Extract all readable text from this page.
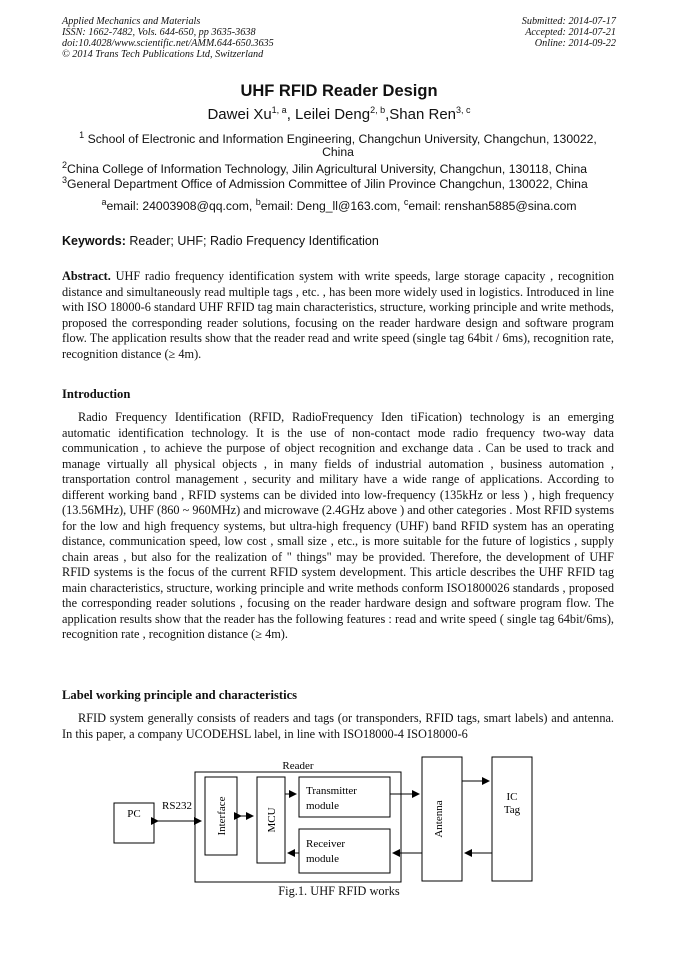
Applied Mechanics and Materials
ISSN: 1662-7482, Vols. 644-650, pp 3635-3638
doi:10.4028/www.scientific.net/AMM.644-650.3635
© 2014 Trans Tech Publications Ltd, Switzerland
Submitted: 2014-07-17
Accepted: 2014-07-21
Online: 2014-09-22
UHF RFID Reader Design
Dawei Xu$^{1, a}$, Leilei Deng$^{2, b}$,Shan Ren$^{3, c}$
$^1$ School of Electronic and Information Engineering, Changchun University, Changchun, 130022, China
$^2$China College of Information Technology, Jilin Agricultural University, Changchun, 130118, China
$^3$General Department Office of Admission Committee of Jilin Province Changchun, 130022, China
$^a$email: 24003908@qq.com, $^b$email: Deng_ll@163.com, $^c$email: renshan5885@sina.com
Keywords: Reader; UHF; Radio Frequency Identification
Abstract. UHF radio frequency identification system with write speeds, large storage capacity , recognition distance and simultaneously read multiple tags , etc. , has been more widely used in logistics. Introduced in line with ISO 18000-6 standard UHF RFID tag main characteristics, structure, working principle and write methods, proposed the corresponding reader solutions, focusing on the reader hardware design and software program flow. The application results show that the reader read and write speed (single tag 64bit / 6ms), recognition rate, recognition distance (≥ 4m).
Introduction
Radio Frequency Identification (RFID, RadioFrequency Iden tiFication) technology is an emerging automatic identification technology. It is the use of non-contact mode radio frequency two-way data communication , to achieve the purpose of object recognition and exchange data . Can be used to track and manage virtually all physical objects , in many fields of industrial automation , business automation , transportation control management , security and military have a wide range of applications. According to different working band , RFID systems can be divided into low-frequency (135kHz or less ) , high frequency (13.56MHz), UHF (860 ~ 960MHz) and microwave (2.4GHz above ) and other categories . Most RFID systems for the low and high frequency systems, but ultra-high frequency (UHF) band RFID system has an operating distance, communication speed, low cost , small size , etc., is more suitable for the future of logistics , supply chain areas , but also for the realization of " things" may be provided. Therefore, the development of UHF RFID systems is the focus of the current RFID system development. This article describes the UHF RFID tag main characteristics, structure, working principle and write methods conform ISO1800026 standards , proposed the corresponding reader solutions , focusing on the reader hardware design and software program flow. The application results show that the reader has the following features : read and write speed ( single tag 64bit/6ms), recognition rate , recognition distance (≥ 4m).
Label working principle and characteristics
RFID system generally consists of readers and tags (or transponders, RFID tags, smart labels) and antenna. In this paper, a company UCODEHSL label, in line with ISO18000-4 ISO18000-6
Reader
PC
RS232 Interface	MCU
Transmitter
module
Receiver
module
Antenna
IC
Tag
Fig.1. UHF RFID works
